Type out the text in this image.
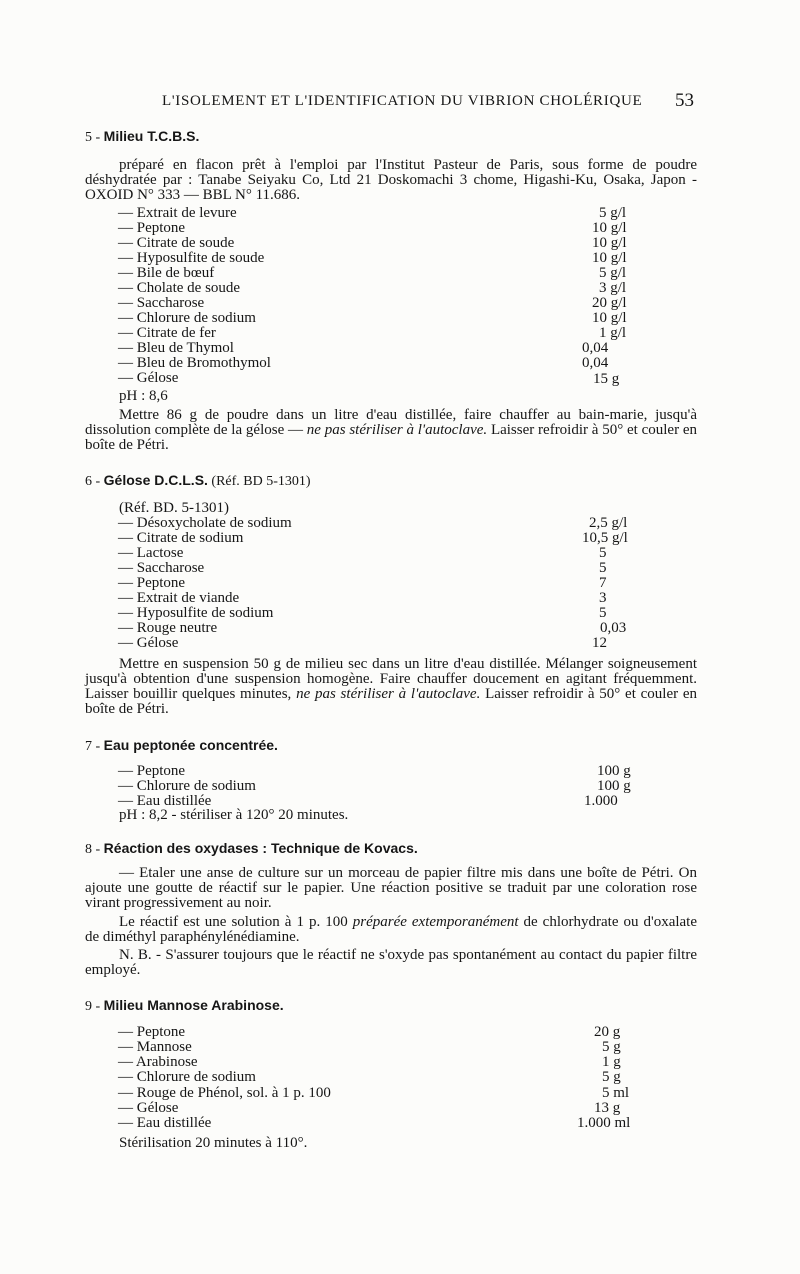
L'ISOLEMENT ET L'IDENTIFICATION DU VIBRION CHOLÉRIQUE 53
5 - Milieu T.C.B.S.
préparé en flacon prêt à l'emploi par l'Institut Pasteur de Paris, sous forme de poudre déshydratée par : Tanabe Seiyaku Co, Ltd 21 Doskomachi 3 chome, Higashi-Ku, Osaka, Japon - OXOID N° 333 — BBL N° 11.686.
— Extrait de levure	5 g/l
— Peptone	10 g/l
— Citrate de soude	10 g/l
— Hyposulfite de soude	10 g/l
— Bile de bœuf	5 g/l
— Cholate de soude	3 g/l
— Saccharose	20 g/l
— Chlorure de sodium	10 g/l
— Citrate de fer	1 g/l
— Bleu de Thymol	0,04
— Bleu de Bromothymol	0,04
— Gélose	15 g
pH : 8,6
Mettre 86 g de poudre dans un litre d'eau distillée, faire chauffer au bain-marie, jusqu'à dissolution complète de la gélose — ne pas stériliser à l'autoclave. Laisser refroidir à 50° et couler en boîte de Pétri.
6 - Gélose D.C.L.S. (Réf. BD 5-1301)
(Réf. BD. 5-1301)
— Désoxycholate de sodium	2,5 g/l
— Citrate de sodium	10,5 g/l
— Lactose	5
— Saccharose	5
— Peptone	7
— Extrait de viande	3
— Hyposulfite de sodium	5
— Rouge neutre	0,03
— Gélose	12
Mettre en suspension 50 g de milieu sec dans un litre d'eau distillée. Mélanger soigneusement jusqu'à obtention d'une suspension homogène. Faire chauffer doucement en agitant fréquemment. Laisser bouillir quelques minutes, ne pas stériliser à l'autoclave. Laisser refroidir à 50° et couler en boîte de Pétri.
7 - Eau peptonée concentrée.
— Peptone	100 g
— Chlorure de sodium	100 g
— Eau distillée	1.000
pH : 8,2 - stériliser à 120° 20 minutes.
8 - Réaction des oxydases : Technique de Kovacs.
— Etaler une anse de culture sur un morceau de papier filtre mis dans une boîte de Pétri. On ajoute une goutte de réactif sur le papier. Une réaction positive se traduit par une coloration rose virant progressivement au noir.
Le réactif est une solution à 1 p. 100 préparée extemporanément de chlorhydrate ou d'oxalate de diméthyl paraphénylénédiamine.
N. B. - S'assurer toujours que le réactif ne s'oxyde pas spontanément au contact du papier filtre employé.
9 - Milieu Mannose Arabinose.
— Peptone	20 g
— Mannose	5 g
— Arabinose	1 g
— Chlorure de sodium	5 g
— Rouge de Phénol, sol. à 1 p. 100	5 ml
— Gélose	13 g
— Eau distillée	1.000 ml
Stérilisation 20 minutes à 110°.
